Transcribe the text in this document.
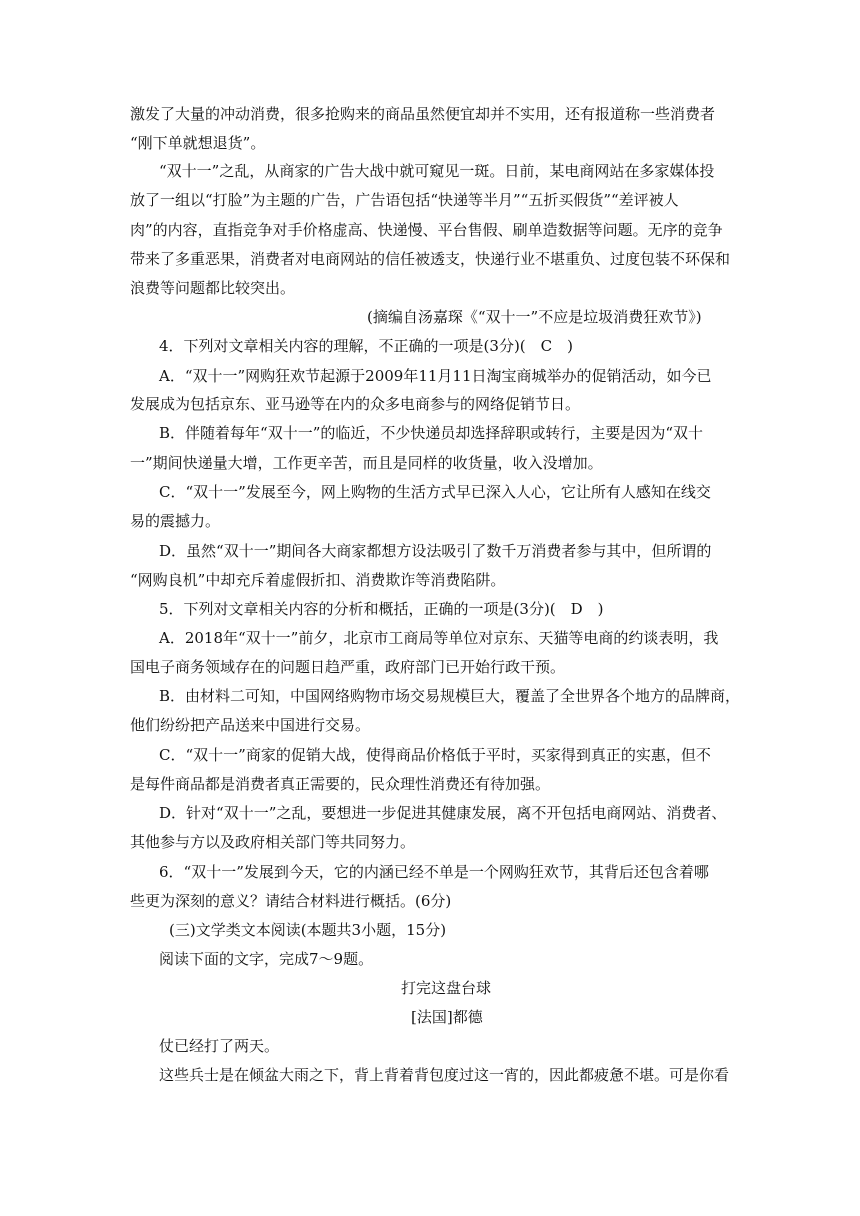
激发了大量的冲动消费，很多抢购来的商品虽然便宜却并不实用，还有报道称一些消费者
“刚下单就想退货”。
“双十一”之乱，从商家的广告大战中就可窥见一斑。日前，某电商网站在多家媒体投
放了一组以“打脸”为主题的广告，广告语包括“快递等半月”“五折买假货”“差评被人
肉”的内容，直指竞争对手价格虚高、快递慢、平台售假、刷单造数据等问题。无序的竞争
带来了多重恶果，消费者对电商网站的信任被透支，快递行业不堪重负、过度包装不环保和
浪费等问题都比较突出。
(摘编自汤嘉琛《“双十一”不应是垃圾消费狂欢节》)
4．下列对文章相关内容的理解，不正确的一项是(3分)(　C　)
A．“双十一”网购狂欢节起源于2009年11月11日淘宝商城举办的促销活动，如今已
发展成为包括京东、亚马逊等在内的众多电商参与的网络促销节日。
B．伴随着每年“双十一”的临近，不少快递员却选择辞职或转行，主要是因为“双十
一”期间快递量大增，工作更辛苦，而且是同样的收货量，收入没增加。
C．“双十一”发展至今，网上购物的生活方式早已深入人心，它让所有人感知在线交
易的震撼力。
D．虽然“双十一”期间各大商家都想方设法吸引了数千万消费者参与其中，但所谓的
“网购良机”中却充斥着虚假折扣、消费欺诈等消费陷阱。
5．下列对文章相关内容的分析和概括，正确的一项是(3分)(　D　)
A．2018年“双十一”前夕，北京市工商局等单位对京东、天猫等电商的约谈表明，我
国电子商务领域存在的问题日趋严重，政府部门已开始行政干预。
B．由材料二可知，中国网络购物市场交易规模巨大，覆盖了全世界各个地方的品牌商，
他们纷纷把产品送来中国进行交易。
C．“双十一”商家的促销大战，使得商品价格低于平时，买家得到真正的实惠，但不
是每件商品都是消费者真正需要的，民众理性消费还有待加强。
D．针对“双十一”之乱，要想进一步促进其健康发展，离不开包括电商网站、消费者、
其他参与方以及政府相关部门等共同努力。
6．“双十一”发展到今天，它的内涵已经不单是一个网购狂欢节，其背后还包含着哪
些更为深刻的意义？请结合材料进行概括。(6分)
(三)文学类文本阅读(本题共3小题，15分)
阅读下面的文字，完成7～9题。
打完这盘台球
[法国]都德
仗已经打了两天。
这些兵士是在倾盆大雨之下，背上背着背包度过这一宵的，因此都疲惫不堪。可是你看
